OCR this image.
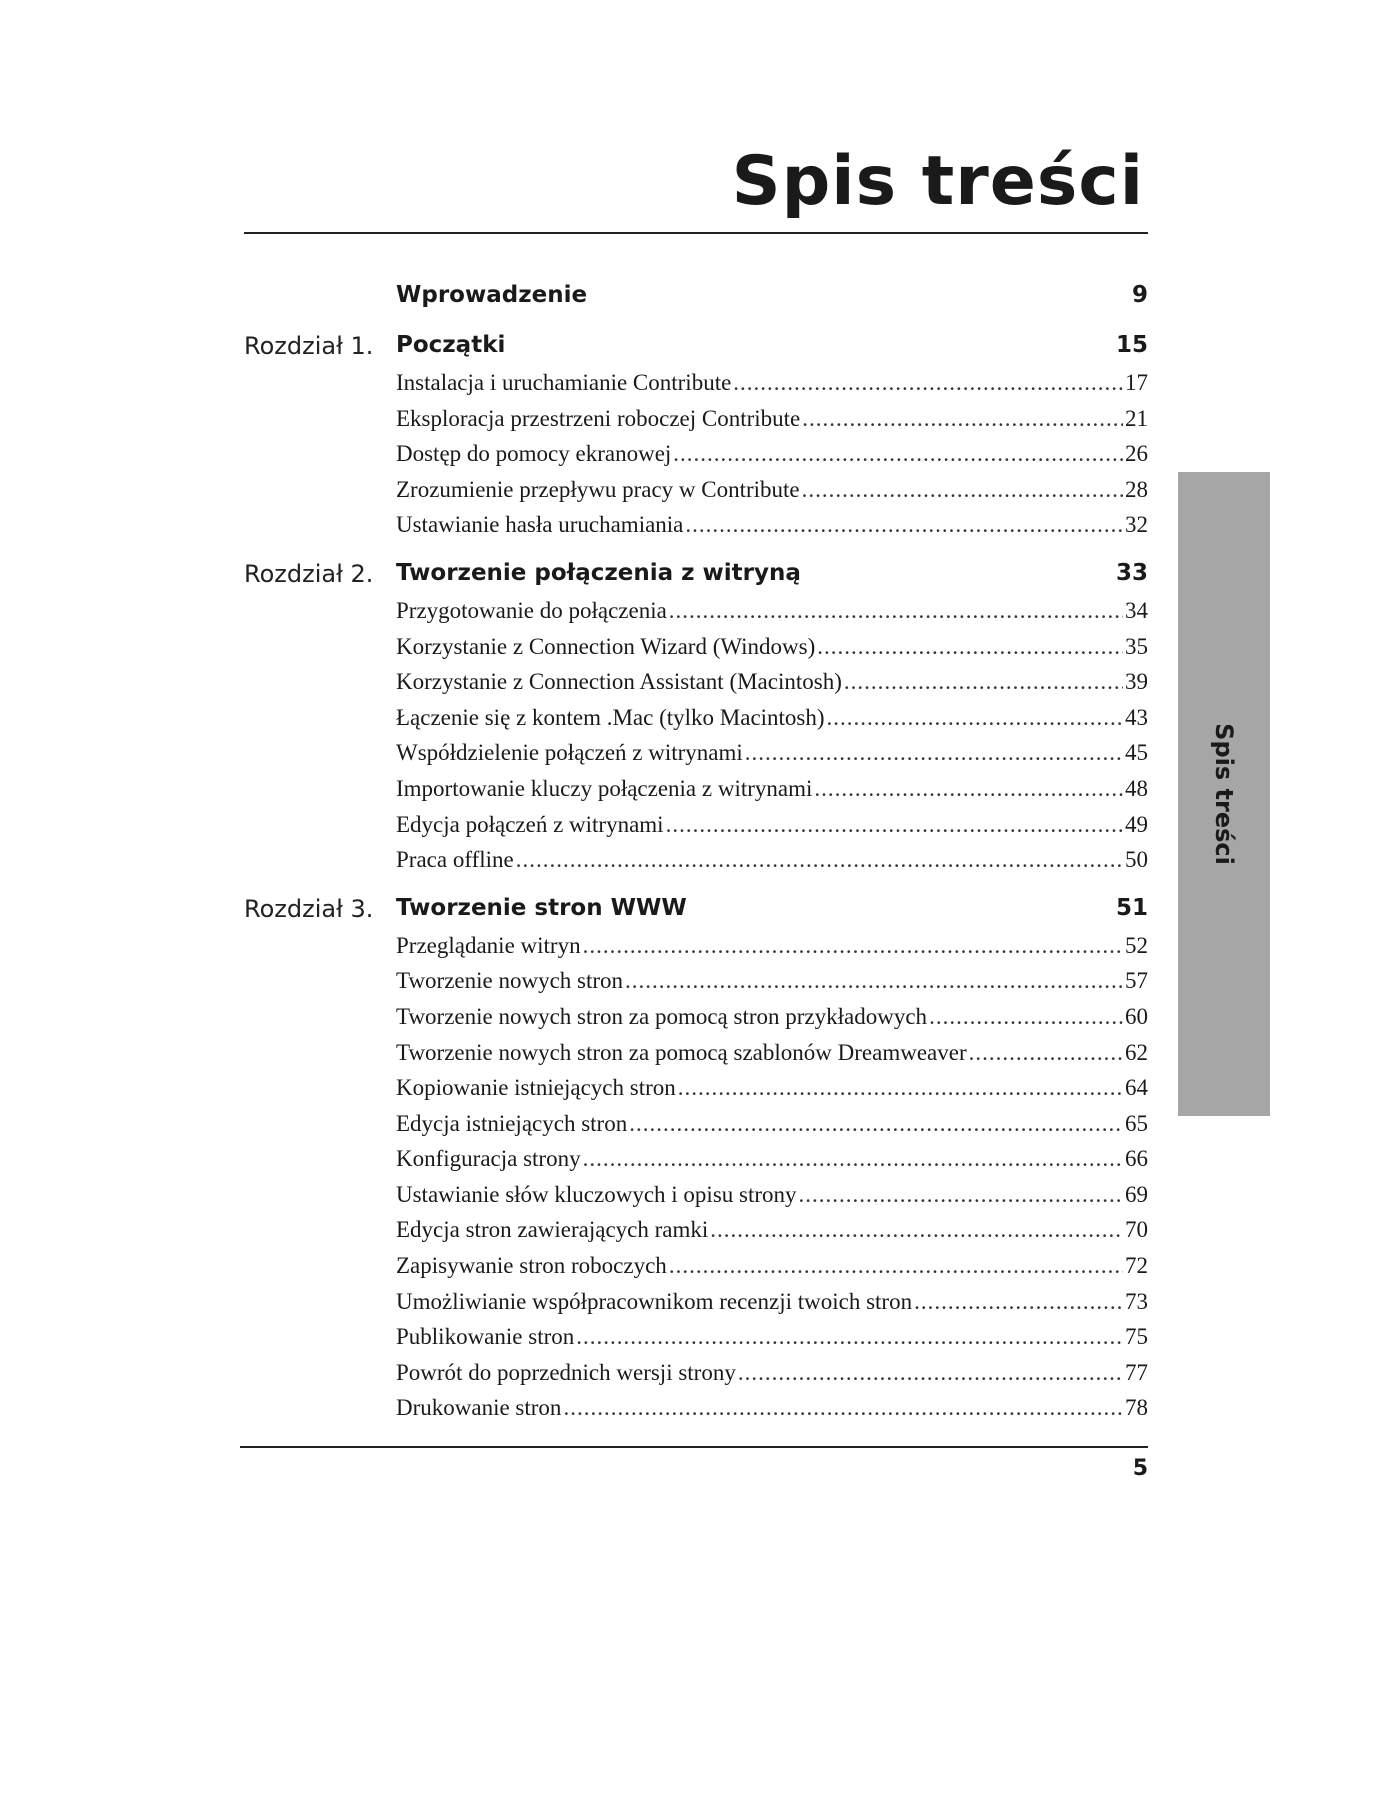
Spis treści
Wprowadzenie	9
Rozdział 1. Początki	15
Instalacja i uruchamianie Contribute .....	17
Eksploracja przestrzeni roboczej Contribute .....	21
Dostęp do pomocy ekranowej .....	26
Zrozumienie przepływu pracy w Contribute .....	28
Ustawianie hasła uruchamiania .....	32
Rozdział 2. Tworzenie połączenia z witryną	33
Przygotowanie do połączenia .....	34
Korzystanie z Connection Wizard (Windows) .....	35
Korzystanie z Connection Assistant (Macintosh) .....	39
Łączenie się z kontem .Mac (tylko Macintosh) .....	43
Współdzielenie połączeń z witrynami .....	45
Importowanie kluczy połączenia z witrynami .....	48
Edycja połączeń z witrynami .....	49
Praca offline .....	50
Rozdział 3. Tworzenie stron WWW	51
Przeglądanie witryn .....	52
Tworzenie nowych stron .....	57
Tworzenie nowych stron za pomocą stron przykładowych .....	60
Tworzenie nowych stron za pomocą szablonów Dreamweaver .....	62
Kopiowanie istniejących stron .....	64
Edycja istniejących stron .....	65
Konfiguracja strony .....	66
Ustawianie słów kluczowych i opisu strony .....	69
Edycja stron zawierających ramki .....	70
Zapisywanie stron roboczych .....	72
Umożliwianie współpracownikom recenzji twoich stron .....	73
Publikowanie stron .....	75
Powrót do poprzednich wersji strony .....	77
Drukowanie stron .....	78
Spis treści
5
